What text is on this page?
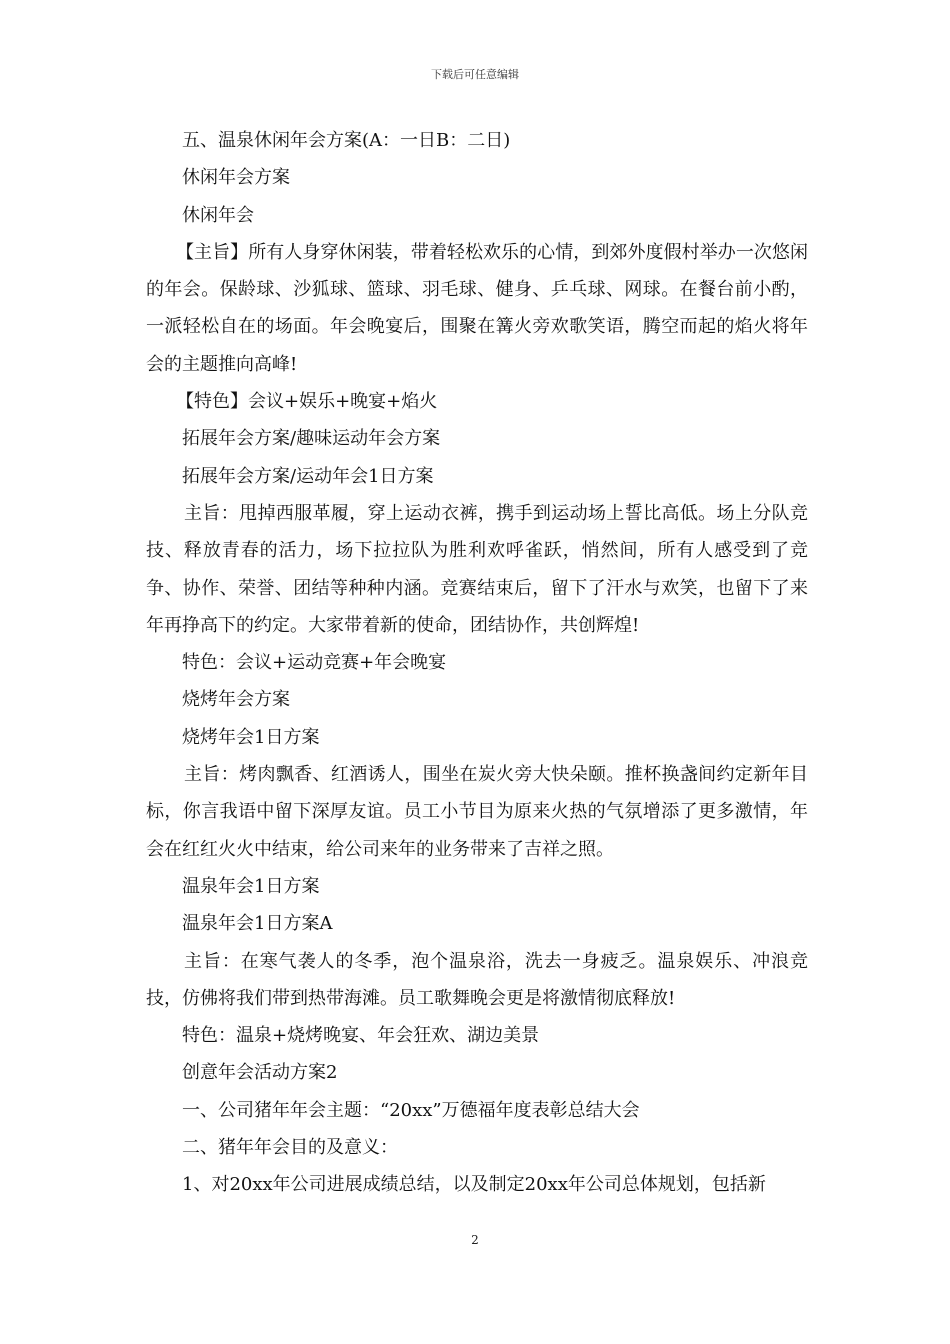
下载后可任意编辑

五、温泉休闲年会方案(A：一日B：二日)

休闲年会方案

休闲年会

【主旨】所有人身穿休闲装，带着轻松欢乐的心情，到郊外度假村举办一次悠闲的年会。保龄球、沙狐球、篮球、羽毛球、健身、乒乓球、网球。在餐台前小酌，一派轻松自在的场面。年会晚宴后，围聚在篝火旁欢歌笑语，腾空而起的焰火将年会的主题推向高峰!

【特色】会议+娱乐+晚宴+焰火

拓展年会方案/趣味运动年会方案

拓展年会方案/运动年会1日方案

主旨：甩掉西服革履，穿上运动衣裤，携手到运动场上誓比高低。场上分队竞技、释放青春的活力，场下拉拉队为胜利欢呼雀跃，悄然间，所有人感受到了竞争、协作、荣誉、团结等种种内涵。竞赛结束后，留下了汗水与欢笑，也留下了来年再挣高下的约定。大家带着新的使命，团结协作，共创辉煌!

特色：会议+运动竞赛+年会晚宴

烧烤年会方案

烧烤年会1日方案

主旨：烤肉飘香、红酒诱人，围坐在炭火旁大快朵颐。推杯换盏间约定新年目标，你言我语中留下深厚友谊。员工小节目为原来火热的气氛增添了更多激情，年会在红红火火中结束，给公司来年的业务带来了吉祥之照。

温泉年会1日方案

温泉年会1日方案A

主旨：在寒气袭人的冬季，泡个温泉浴，洗去一身疲乏。温泉娱乐、冲浪竞技，仿佛将我们带到热带海滩。员工歌舞晚会更是将激情彻底释放!

特色：温泉+烧烤晚宴、年会狂欢、湖边美景

创意年会活动方案2

一、公司猪年年会主题：“20xx”万德福年度表彰总结大会

二、猪年年会目的及意义：

1、对20xx年公司进展成绩总结，以及制定20xx年公司总体规划，包括新

2
